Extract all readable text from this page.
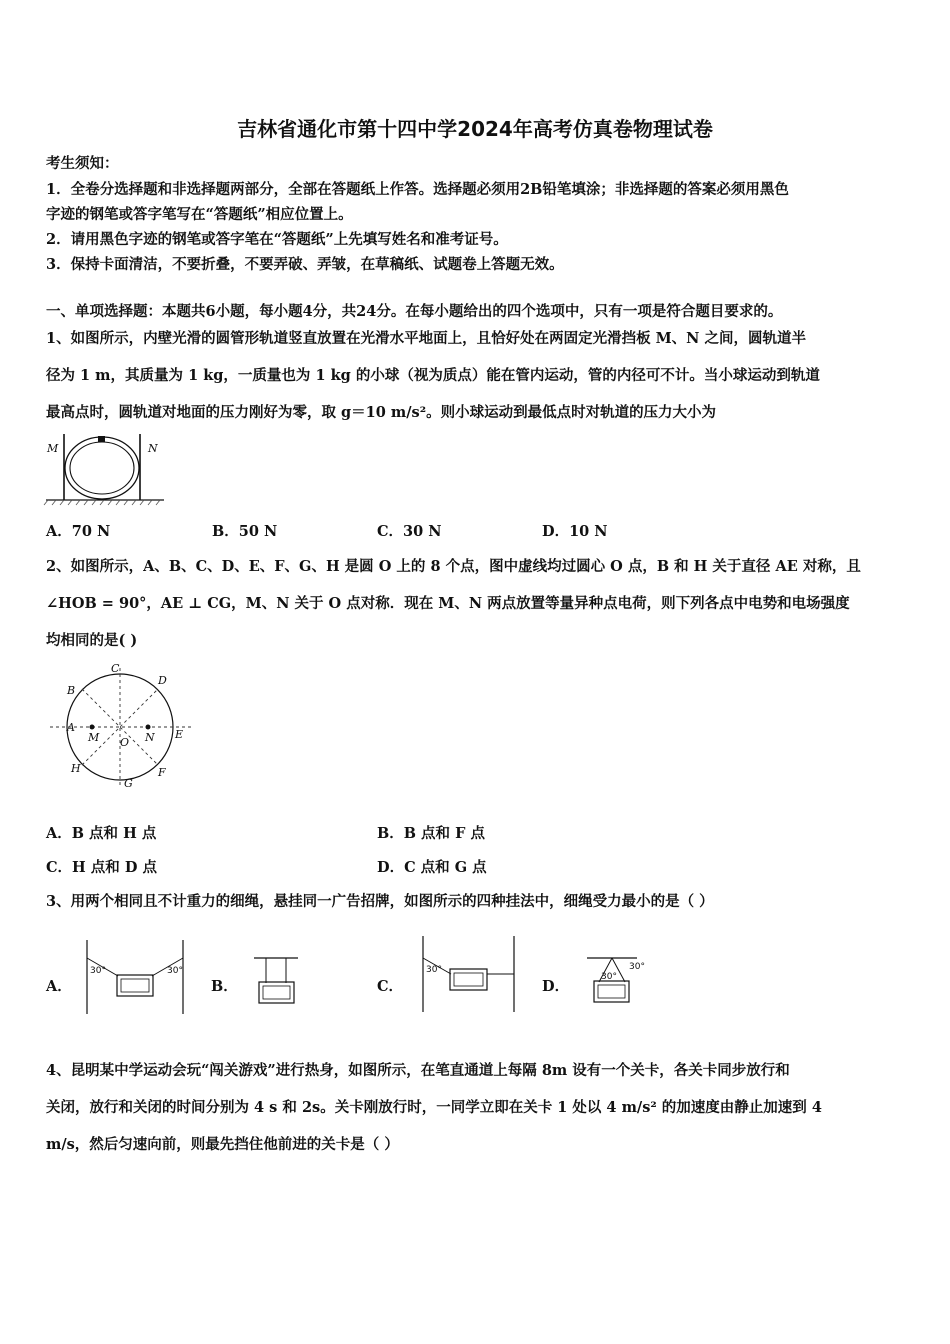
吉林省通化市第十四中学2024年高考仿真卷物理试卷
考生须知：
1．全卷分选择题和非选择题两部分，全部在答题纸上作答。选择题必须用2B铅笔填涂；非选择题的答案必须用黑色
字迹的钢笔或答字笔写在“答题纸”相应位置上。
2．请用黑色字迹的钢笔或答字笔在“答题纸”上先填写姓名和准考证号。
3．保持卡面清洁，不要折叠，不要弄破、弄皱，在草稿纸、试题卷上答题无效。
一、单项选择题：本题共6小题，每小题4分，共24分。在每小题给出的四个选项中，只有一项是符合题目要求的。
1、如图所示，内壁光滑的圆管形轨道竖直放置在光滑水平地面上，且恰好处在两固定光滑挡板 M、N 之间，圆轨道半
径为 1 m，其质量为 1 kg，一质量也为 1 kg 的小球（视为质点）能在管内运动，管的内径可不计。当小球运动到轨道
最高点时，圆轨道对地面的压力刚好为零，取 g＝10 m/s²。则小球运动到最低点时对轨道的压力大小为
M	N
A．70 N	B．50 N	C．30 N	D．10 N
2、如图所示，A、B、C、D、E、F、G、H 是圆 O 上的 8 个点，图中虚线均过圆心 O 点，B 和 H 关于直径 AE 对称，且
∠HOB = 90°，AE ⊥ CG，M、N 关于 O 点对称．现在 M、N 两点放置等量异种点电荷，则下列各点中电势和电场强度
均相同的是( )
A
B
C
D
E
F
G
H
M	N
O
A．B 点和 H 点	B．B 点和 F 点
C．H 点和 D 点	D．C 点和 G 点
3、用两个相同且不计重力的细绳，悬挂同一广告招牌，如图所示的四种挂法中，细绳受力最小的是（ ）
A．
30°	30°
B．	C．
30°
D．
30°
30°
4、昆明某中学运动会玩“闯关游戏”进行热身，如图所示，在笔直通道上每隔 8m 设有一个关卡，各关卡同步放行和
关闭，放行和关闭的时间分别为 4 s 和 2s。关卡刚放行时，一同学立即在关卡 1 处以 4 m/s² 的加速度由静止加速到 4
m/s，然后匀速向前，则最先挡住他前进的关卡是（ ）
